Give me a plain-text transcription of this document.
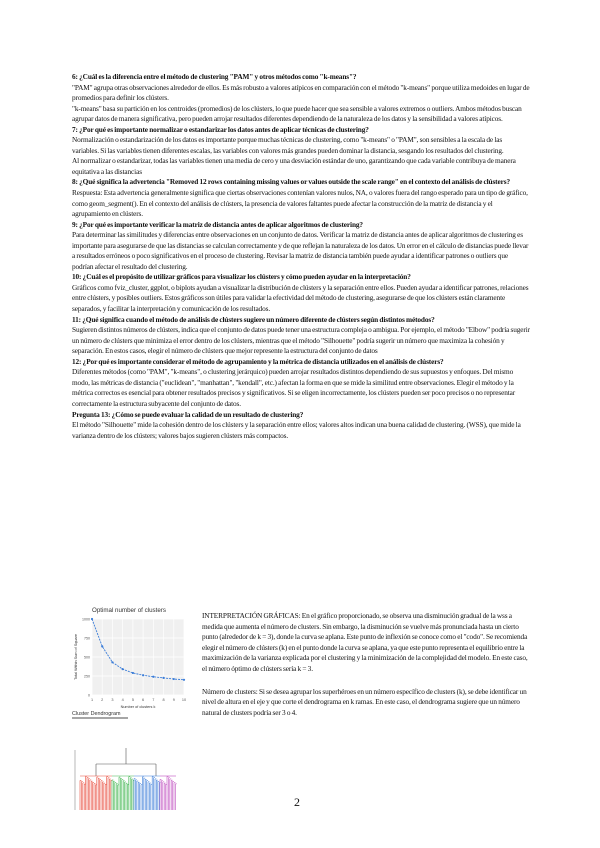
6: ¿Cuál es la diferencia entre el método de clustering "PAM" y otros métodos como "k-means"?

"PAM" agrupa otras observaciones alrededor de ellos. Es más robusto a valores atípicos en comparación con el método "k-means" porque utiliza medoides en lugar de promedios para definir los clústers.

"k-means" basa su partición en los centroides (promedios) de los clústers, lo que puede hacer que sea sensible a valores extremos o outliers. Ambos métodos buscan agrupar datos de manera significativa, pero pueden arrojar resultados diferentes dependiendo de la naturaleza de los datos y la sensibilidad a valores atípicos.

7: ¿Por qué es importante normalizar o estandarizar los datos antes de aplicar técnicas de clustering?

Normalización o estandarización de los datos es importante porque muchas técnicas de clustering, como "k-means" o "PAM", son sensibles a la escala de las variables. Si las variables tienen diferentes escalas, las variables con valores más grandes pueden dominar la distancia, sesgando los resultados del clustering.

Al normalizar o estandarizar, todas las variables tienen una media de cero y una desviación estándar de uno, garantizando que cada variable contribuya de manera equitativa a las distancias

8: ¿Qué significa la advertencia "Removed 12 rows containing missing values or values outside the scale range" en el contexto del análisis de clústers?

Respuesta: Esta advertencia generalmente significa que ciertas observaciones contenían valores nulos, NA, o valores fuera del rango esperado para un tipo de gráfico, como geom_segment(). En el contexto del análisis de clústers, la presencia de valores faltantes puede afectar la construcción de la matriz de distancia y el agrupamiento en clústers.

9: ¿Por qué es importante verificar la matriz de distancia antes de aplicar algoritmos de clustering?

Para determinar las similitudes y diferencias entre observaciones en un conjunto de datos. Verificar la matriz de distancia antes de aplicar algoritmos de clustering es importante para asegurarse de que las distancias se calculan correctamente y de que reflejan la naturaleza de los datos. Un error en el cálculo de distancias puede llevar a resultados erróneos o poco significativos en el proceso de clustering. Revisar la matriz de distancia también puede ayudar a identificar patrones o outliers que podrían afectar el resultado del clustering.

10: ¿Cuál es el propósito de utilizar gráficos para visualizar los clústers y cómo pueden ayudar en la interpretación?

Gráficos como fviz_cluster, ggplot, o biplots ayudan a visualizar la distribución de clústers y la separación entre ellos. Pueden ayudar a identificar patrones, relaciones entre clústers, y posibles outliers. Estos gráficos son útiles para validar la efectividad del método de clustering, asegurarse de que los clústers están claramente separados, y facilitar la interpretación y comunicación de los resultados.

11: ¿Qué significa cuando el método de análisis de clústers sugiere un número diferente de clústers según distintos métodos?

Sugieren distintos números de clústers, indica que el conjunto de datos puede tener una estructura compleja o ambigua. Por ejemplo, el método "Elbow" podría sugerir un número de clústers que minimiza el error dentro de los clústers, mientras que el método "Silhouette" podría sugerir un número que maximiza la cohesión y separación. En estos casos, elegir el número de clústers que mejor represente la estructura del conjunto de datos

12: ¿Por qué es importante considerar el método de agrupamiento y la métrica de distancia utilizados en el análisis de clústers?

Diferentes métodos (como "PAM", "k-means", o clustering jerárquico) pueden arrojar resultados distintos dependiendo de sus supuestos y enfoques. Del mismo modo, las métricas de distancia ("euclidean", "manhattan", "kendall", etc.) afectan la forma en que se mide la similitud entre observaciones. Elegir el método y la métrica correctos es esencial para obtener resultados precisos y significativos. Si se eligen incorrectamente, los clústers pueden ser poco precisos o no representar correctamente la estructura subyacente del conjunto de datos.

Pregunta 13: ¿Cómo se puede evaluar la calidad de un resultado de clustering?

El método "Silhouette" mide la cohesión dentro de los clústers y la separación entre ellos; valores altos indican una buena calidad de clustering. (WSS), que mide la varianza dentro de los clústers; valores bajos sugieren clústers más compactos.

0
250
500
750
1000
1 2 3 4 5 6 7 8 9 10
Optimal number of clusters
Number of clusters k
Total Within Sum of Square
Cluster Dendrogram

INTERPRETACIÓN GRÁFICAS: En el gráfico proporcionado, se observa una disminución gradual de la wss a medida que aumenta el número de clusters. Sin embargo, la disminución se vuelve más pronunciada hasta un cierto punto (alrededor de k = 3), donde la curva se aplana. Este punto de inflexión se conoce como el "codo". Se recomienda elegir el número de clústers (k) en el punto donde la curva se aplana, ya que este punto representa el equilibrio entre la maximización de la varianza explicada por el clustering y la minimización de la complejidad del modelo. En este caso, el número óptimo de clústers sería k = 3.

Número de clusters: Si se desea agrupar los superhéroes en un número específico de clusters (k), se debe identificar un nivel de altura en el eje y que corte el dendrograma en k ramas. En este caso, el dendrograma sugiere que un número natural de clusters podría ser 3 o 4.

2
